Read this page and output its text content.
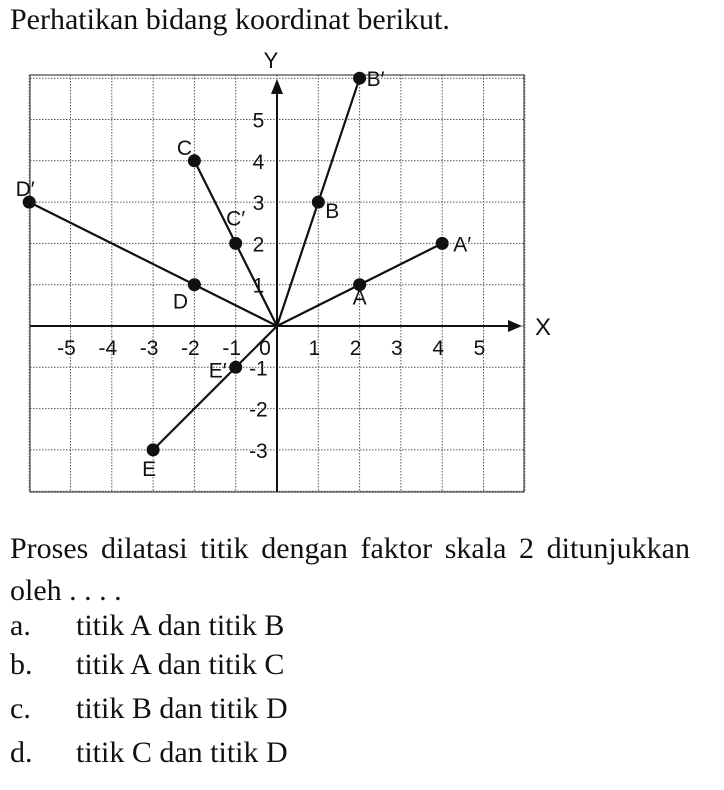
Perhatikan bidang koordinat berikut.
X
Y
-5 -4 -3 -2 -1 0 1 2 3 4 5
-3
-2
-1
1
2
3
4
5
A
A′
B
B′
C
C′
D
D′
E
E′
Proses dilatasi titik dengan faktor skala 2 ditunjukkan oleh . . . .
a. titik A dan titik B
b. titik A dan titik C
c. titik B dan titik D
d. titik C dan titik D
